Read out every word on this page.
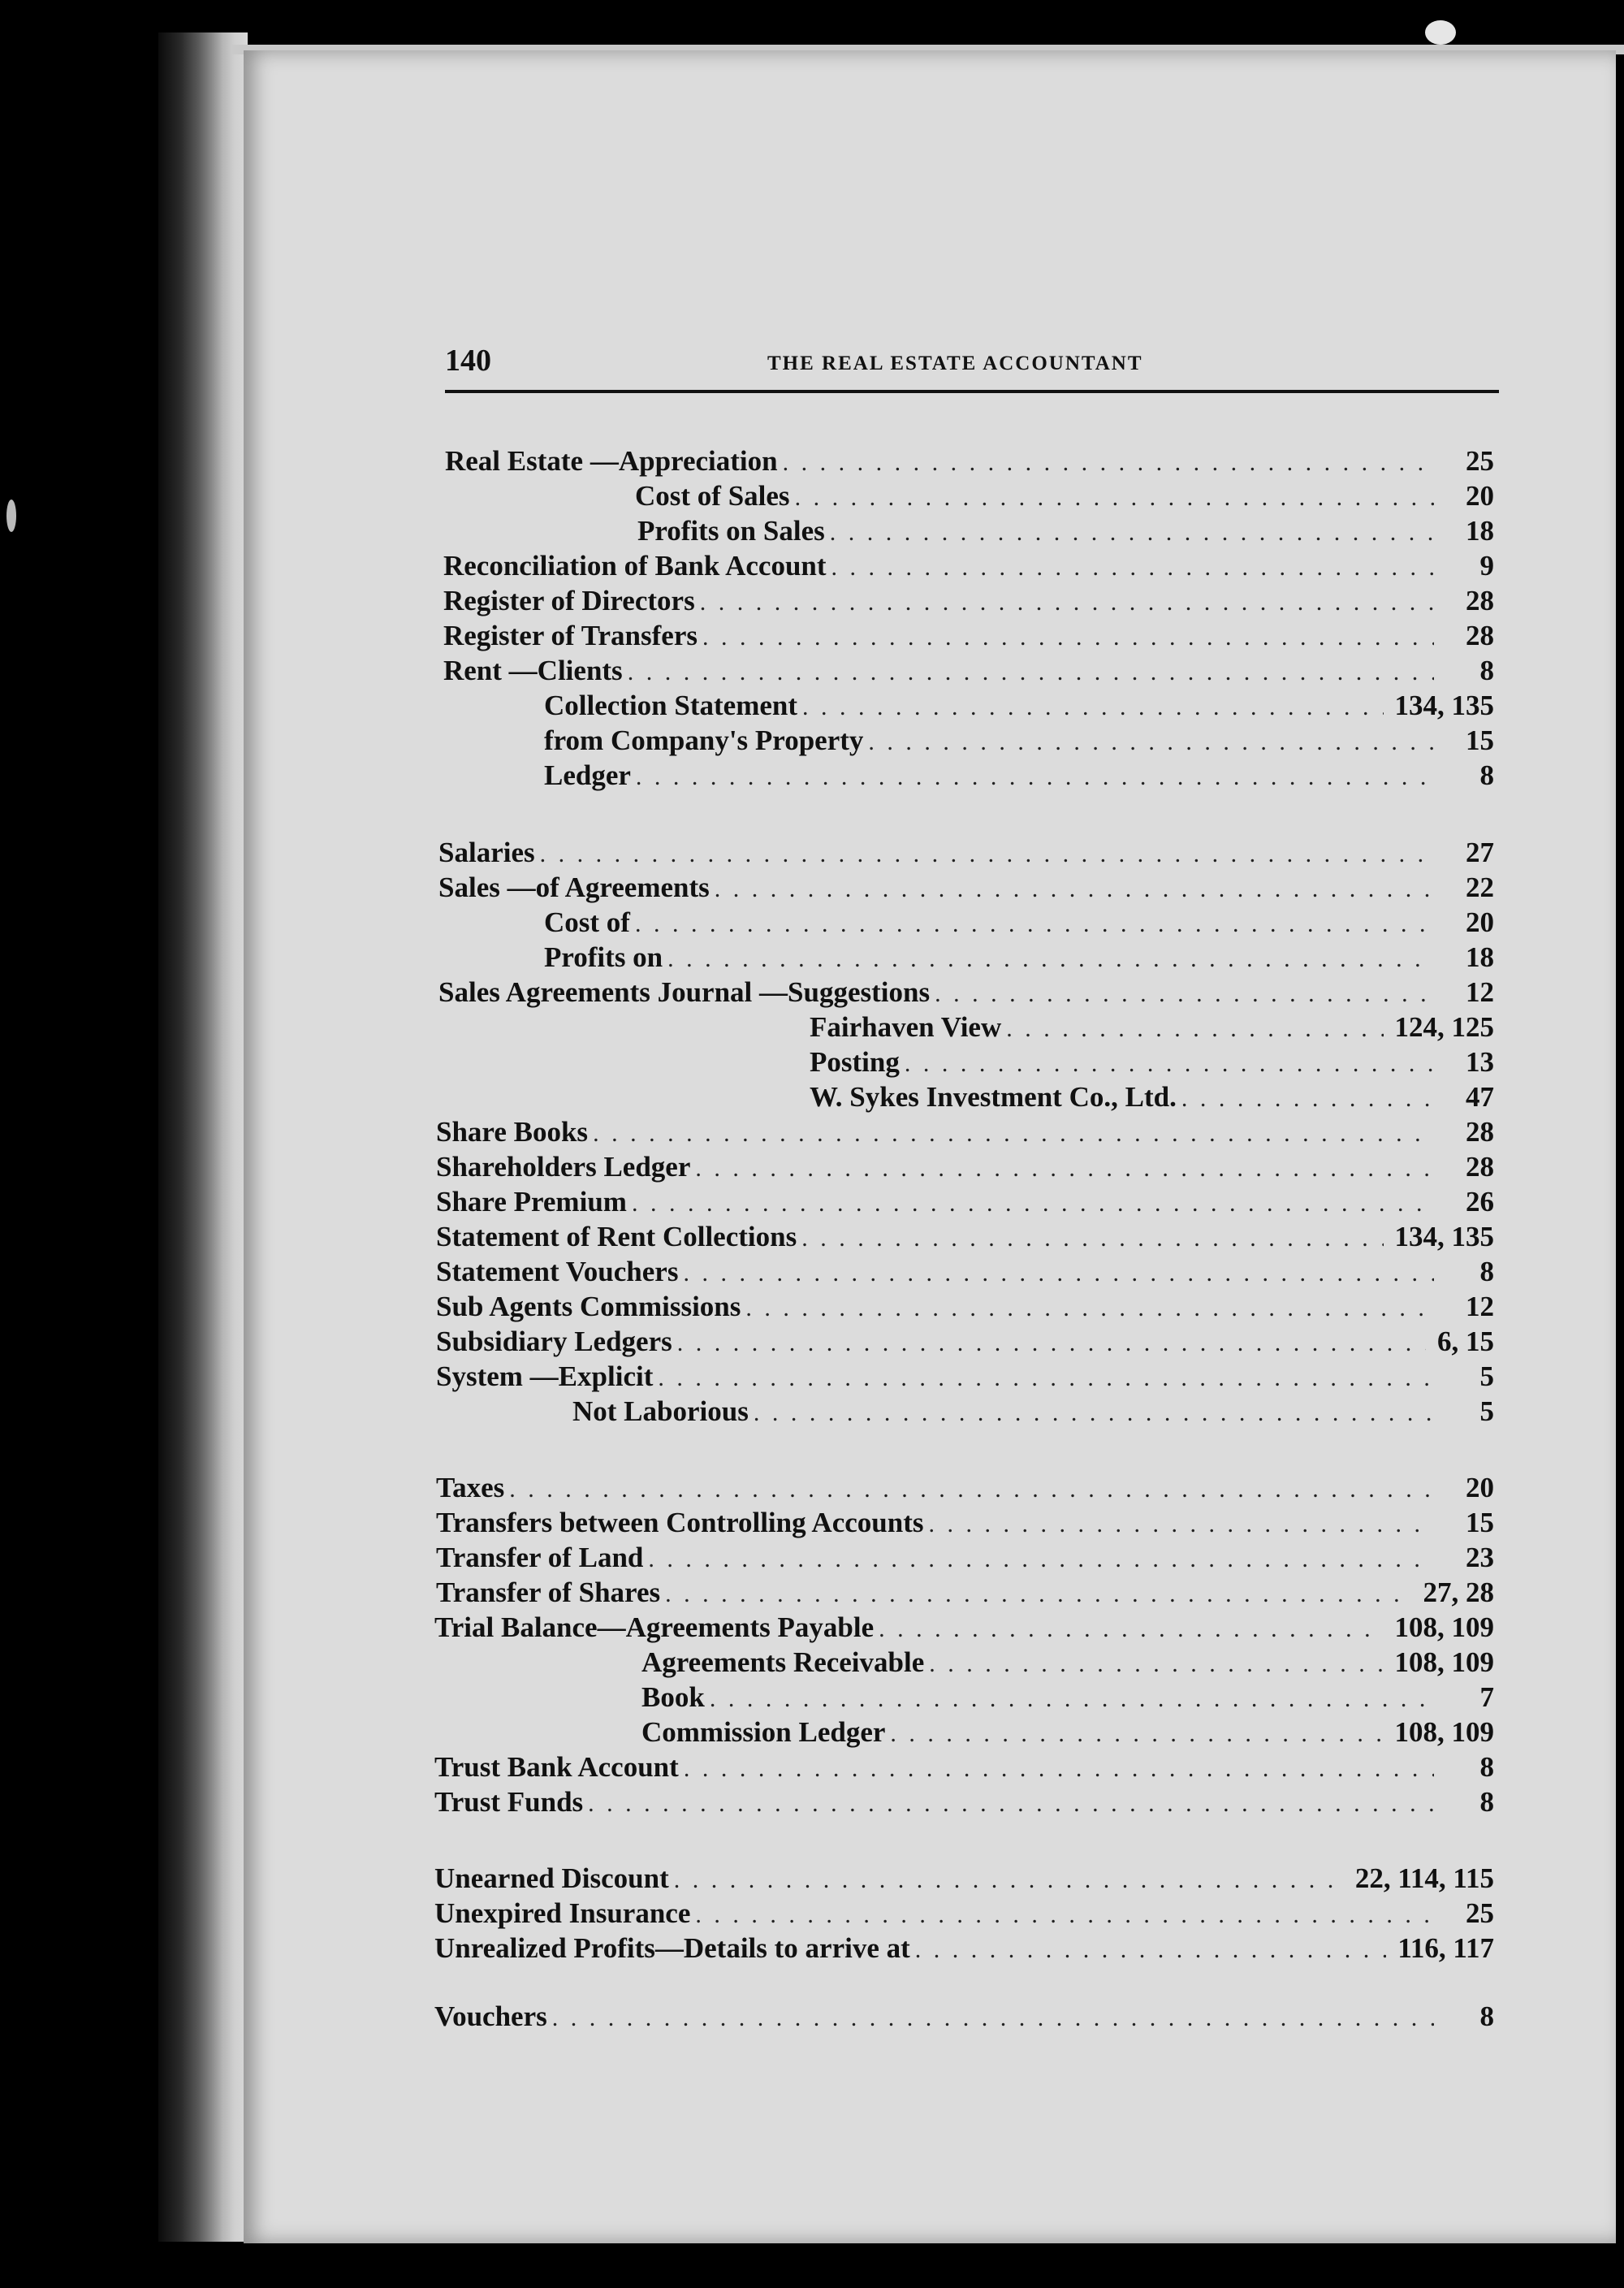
140	THE REAL ESTATE ACCOUNTANT
Real Estate —Appreciation . . .	25
Cost of Sales . . .	20
Profits on Sales . . .	18
Reconciliation of Bank Account . . .	9
Register of Directors . . .	28
Register of Transfers . . .	28
Rent —Clients . . .	8
Collection Statement . . .	134, 135
from Company's Property . . .	15
Ledger . . .	8
Salaries . . .	27
Sales —of Agreements . . .	22
Cost of . . .	20
Profits on . . .	18
Sales Agreements Journal —Suggestions . . .	12
Fairhaven View . . .	124, 125
Posting . . .	13
W. Sykes Investment Co., Ltd. . . .	47
Share Books . . .	28
Shareholders Ledger . . .	28
Share Premium . . .	26
Statement of Rent Collections . . .	134, 135
Statement Vouchers . . .	8
Sub Agents Commissions . . .	12
Subsidiary Ledgers . . .	6, 15
System —Explicit . . .	5
Not Laborious . . .	5
Taxes . . .	20
Transfers between Controlling Accounts . . .	15
Transfer of Land . . .	23
Transfer of Shares . . .	27, 28
Trial Balance—Agreements Payable . . .	108, 109
Agreements Receivable . . .	108, 109
Book . . .	7
Commission Ledger . . .	108, 109
Trust Bank Account . . .	8
Trust Funds . . .	8
Unearned Discount . . .	22, 114, 115
Unexpired Insurance . . .	25
Unrealized Profits—Details to arrive at . . .	116, 117
Vouchers . . .	8
